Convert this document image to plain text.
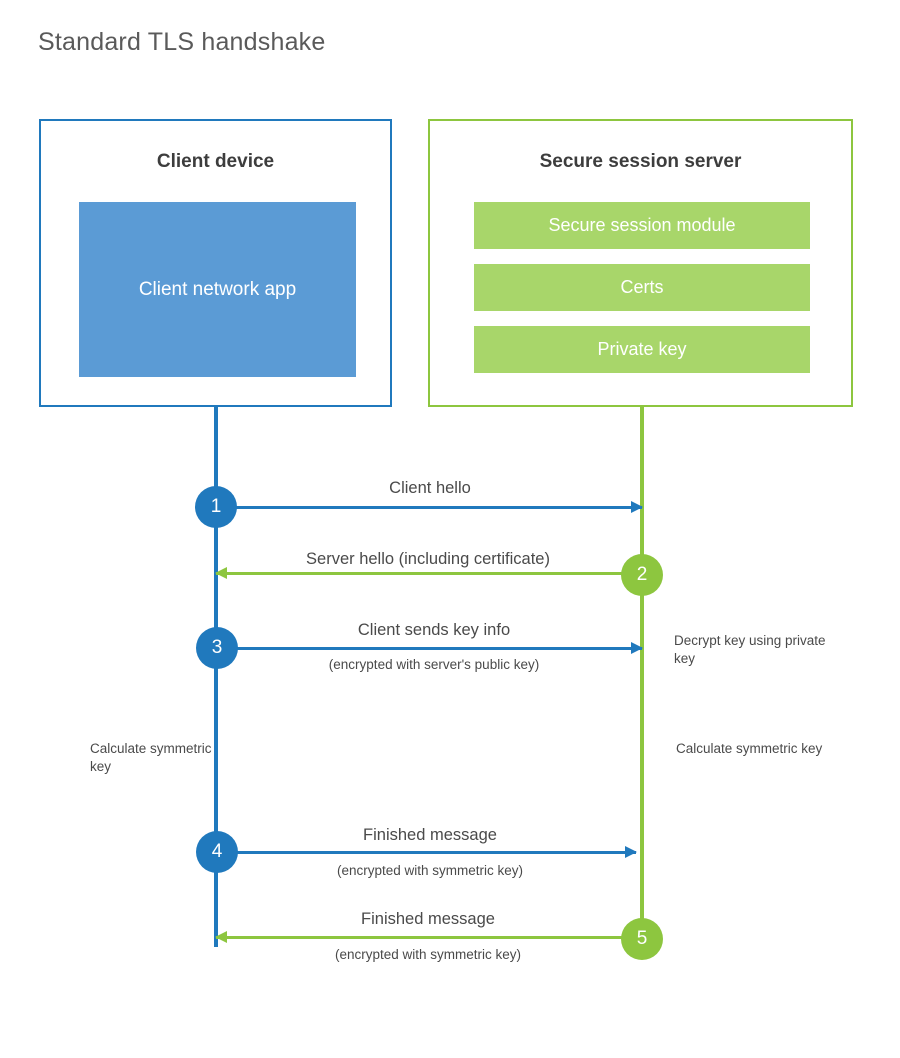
Standard TLS handshake
Client device
Client network app
Secure session server
Secure session module
Certs
Private key
Client hello
1
Server hello (including certificate)
2
Client sends key info
(encrypted with server's public key)
3	Decrypt key using private key
Calculate symmetric key
Calculate symmetric key
Finished message
(encrypted with symmetric key)
4
Finished message
(encrypted with symmetric key)
5
